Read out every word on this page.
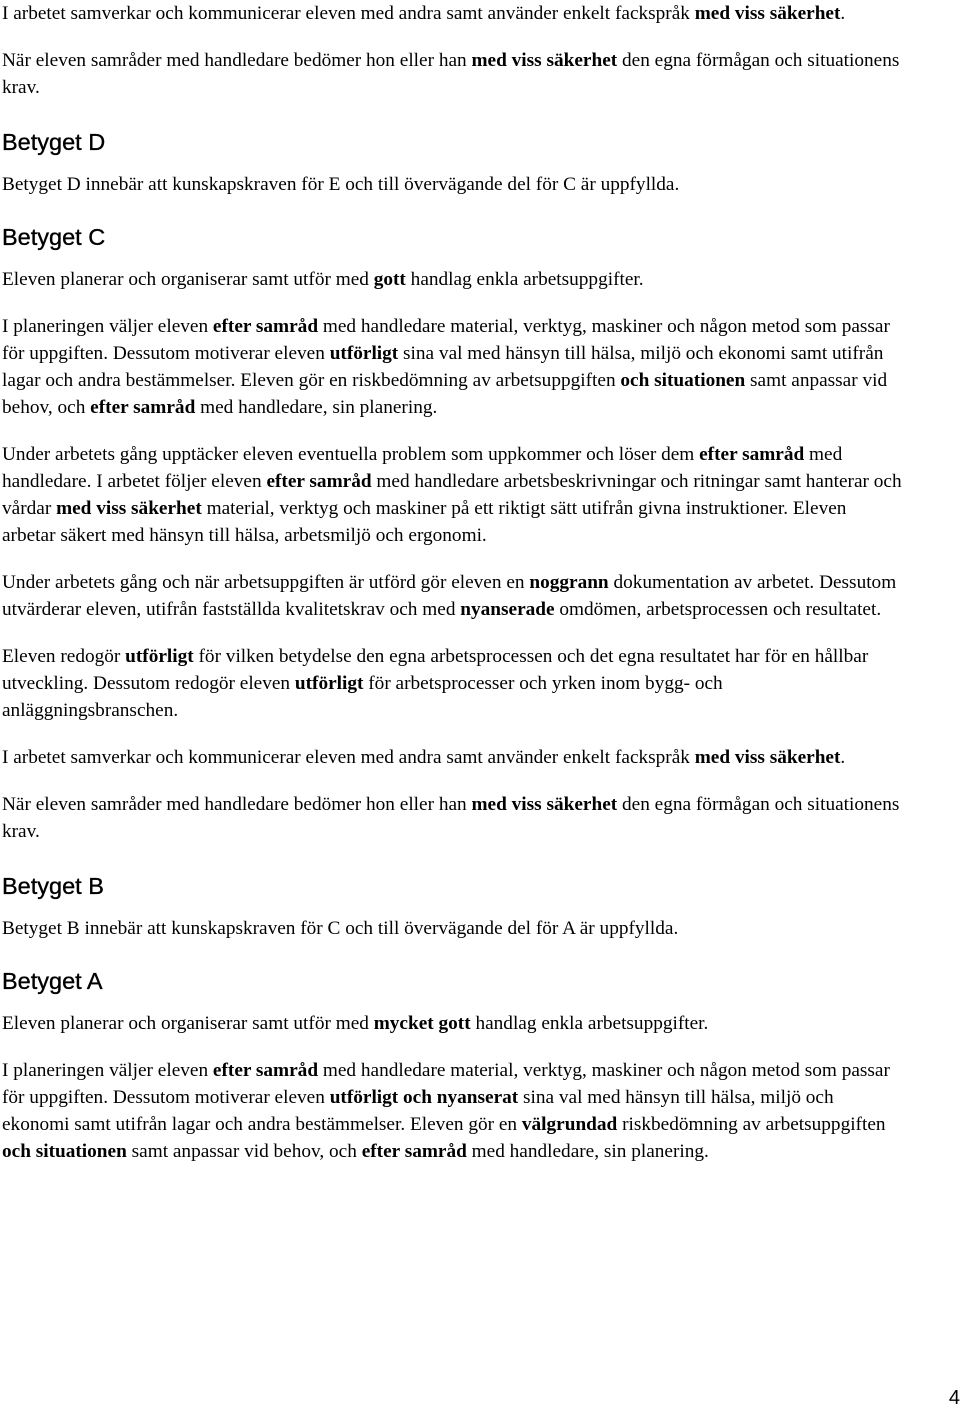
I arbetet samverkar och kommunicerar eleven med andra samt använder enkelt fackspråk med viss säkerhet.

När eleven samråder med handledare bedömer hon eller han med viss säkerhet den egna förmågan och situationens krav.

Betyget D

Betyget D innebär att kunskapskraven för E och till övervägande del för C är uppfyllda.

Betyget C

Eleven planerar och organiserar samt utför med gott handlag enkla arbetsuppgifter.

I planeringen väljer eleven efter samråd med handledare material, verktyg, maskiner och någon metod som passar för uppgiften. Dessutom motiverar eleven utförligt sina val med hänsyn till hälsa, miljö och ekonomi samt utifrån lagar och andra bestämmelser. Eleven gör en riskbedömning av arbetsuppgiften och situationen samt anpassar vid behov, och efter samråd med handledare, sin planering.

Under arbetets gång upptäcker eleven eventuella problem som uppkommer och löser dem efter samråd med handledare. I arbetet följer eleven efter samråd med handledare arbetsbeskrivningar och ritningar samt hanterar och vårdar med viss säkerhet material, verktyg och maskiner på ett riktigt sätt utifrån givna instruktioner. Eleven arbetar säkert med hänsyn till hälsa, arbetsmiljö och ergonomi.

Under arbetets gång och när arbetsuppgiften är utförd gör eleven en noggrann dokumentation av arbetet. Dessutom utvärderar eleven, utifrån fastställda kvalitetskrav och med nyanserade omdömen, arbetsprocessen och resultatet.

Eleven redogör utförligt för vilken betydelse den egna arbetsprocessen och det egna resultatet har för en hållbar utveckling. Dessutom redogör eleven utförligt för arbetsprocesser och yrken inom bygg- och anläggningsbranschen.

I arbetet samverkar och kommunicerar eleven med andra samt använder enkelt fackspråk med viss säkerhet.

När eleven samråder med handledare bedömer hon eller han med viss säkerhet den egna förmågan och situationens krav.

Betyget B

Betyget B innebär att kunskapskraven för C och till övervägande del för A är uppfyllda.

Betyget A

Eleven planerar och organiserar samt utför med mycket gott handlag enkla arbetsuppgifter.

I planeringen väljer eleven efter samråd med handledare material, verktyg, maskiner och någon metod som passar för uppgiften. Dessutom motiverar eleven utförligt och nyanserat sina val med hänsyn till hälsa, miljö och ekonomi samt utifrån lagar och andra bestämmelser. Eleven gör en välgrundad riskbedömning av arbetsuppgiften och situationen samt anpassar vid behov, och efter samråd med handledare, sin planering.

4
